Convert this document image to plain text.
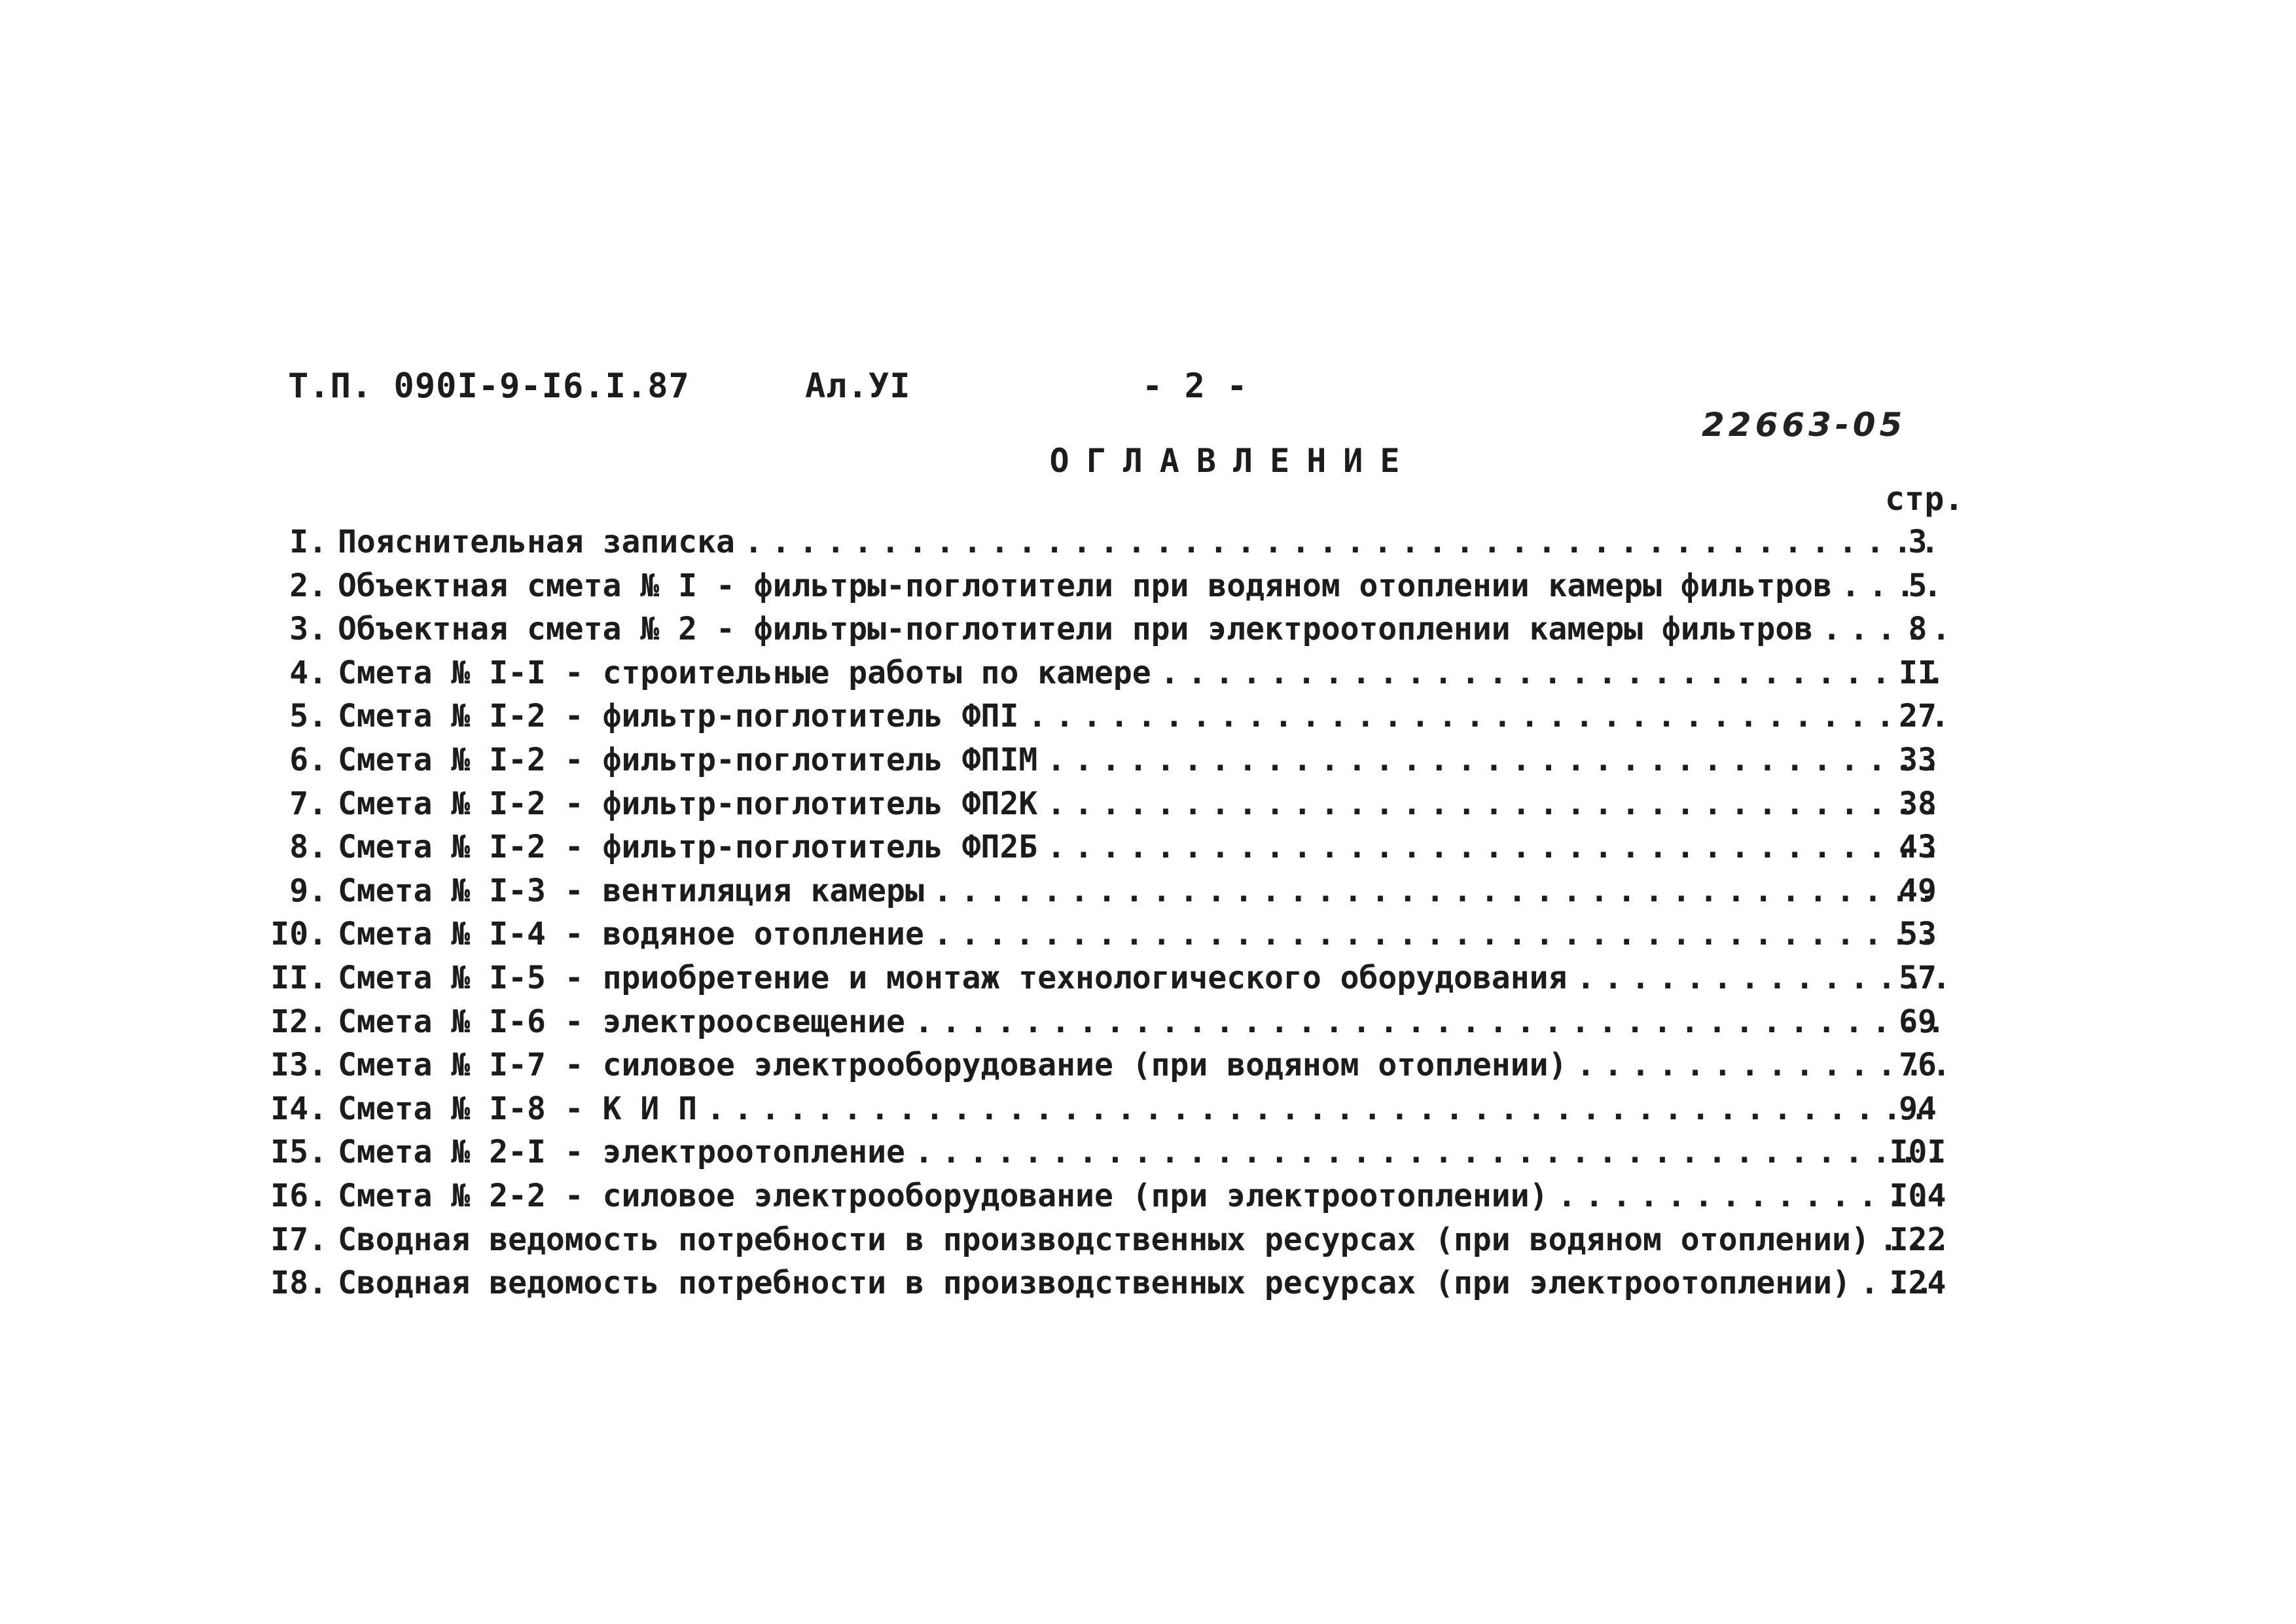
Т.П. 090I-9-I6.I.87	Ал.УI	- 2 -
22663-05
ОГЛАВЛЕНИЕ
стр.
I. Пояснительная записка . . .	3
2. Объектная смета № I - фильтры-поглотители при водяном отоплении камеры фильтров . . .	5
3. Объектная смета № 2 - фильтры-поглотители при электроотоплении камеры фильтров . . .	8
4. Смета № I-I - строительные работы по камере . . .	II
5. Смета № I-2 - фильтр-поглотитель ФПI . . .	27
6. Смета № I-2 - фильтр-поглотитель ФПIМ . . .	33
7. Смета № I-2 - фильтр-поглотитель ФП2К . . .	38
8. Смета № I-2 - фильтр-поглотитель ФП2Б . . .	43
9. Смета № I-3 - вентиляция камеры . . .	49
I0. Смета № I-4 - водяное отопление . . .	53
II. Смета № I-5 - приобретение и монтаж технологического оборудования . . .	57
I2. Смета № I-6 - электроосвещение . . .	69
I3. Смета № I-7 - силовое электрооборудование (при водяном отоплении) . . .	76
I4. Смета № I-8 - К И П . . .	94
I5. Смета № 2-I - электроотопление . . .	I0I
I6. Смета № 2-2 - силовое электрооборудование (при электроотоплении) . . .	I04
I7. Сводная ведомость потребности в производственных ресурсах (при водяном отоплении) . . . I22
I8. Сводная ведомость потребности в производственных ресурсах (при электроотоплении) . . .	I24
